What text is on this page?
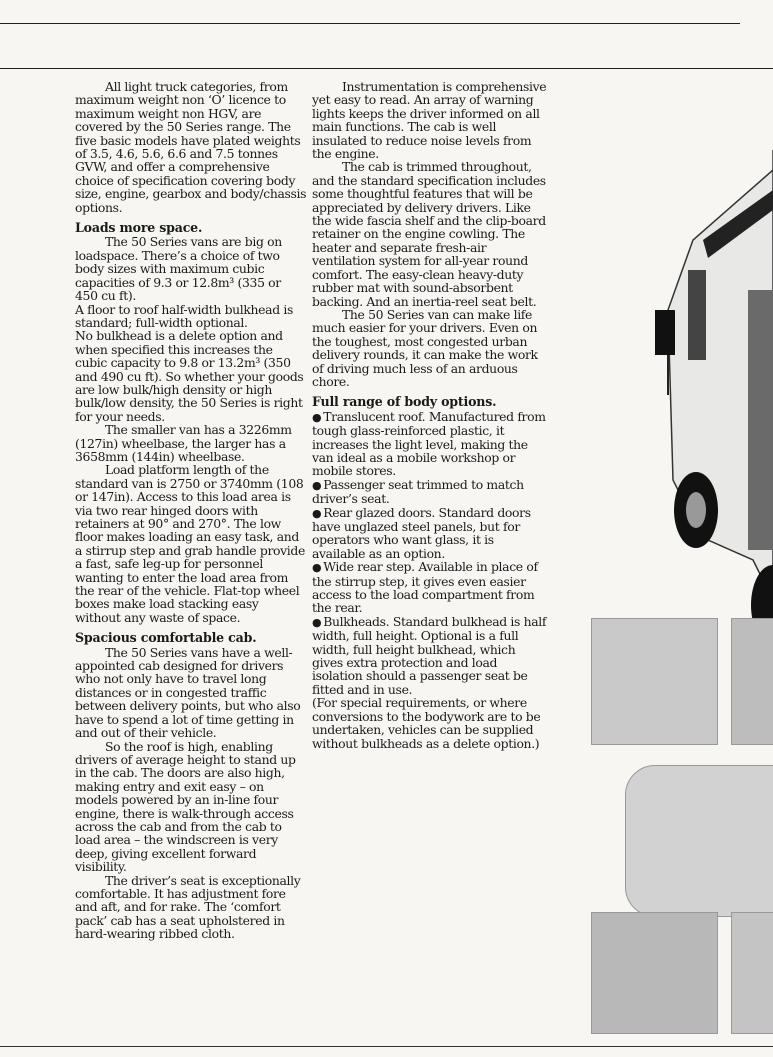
All light truck categories, from maximum weight non ‘O’ licence to maximum weight non HGV, are covered by the 50 Series range. The five basic models have plated weights of 3.5, 4.6, 5.6, 6.6 and 7.5 tonnes GVW, and offer a comprehensive choice of specification covering body size, engine, gearbox and body/chassis options.

Loads more space.

The 50 Series vans are big on loadspace. There’s a choice of two body sizes with maximum cubic capacities of 9.3 or 12.8m³ (335 or 450 cu ft).

A floor to roof half-width bulkhead is standard; full-width optional.

No bulkhead is a delete option and when specified this increases the cubic capacity to 9.8 or 13.2m³ (350 and 490 cu ft). So whether your goods are low bulk/high density or high bulk/low density, the 50 Series is right for your needs.

The smaller van has a 3226mm (127in) wheelbase, the larger has a 3658mm (144in) wheelbase.

Load platform length of the standard van is 2750 or 3740mm (108 or 147in). Access to this load area is via two rear hinged doors with retainers at 90° and 270°. The low floor makes loading an easy task, and a stirrup step and grab handle provide a fast, safe leg-up for personnel wanting to enter the load area from the rear of the vehicle. Flat-top wheel boxes make load stacking easy without any waste of space.

Spacious comfortable cab.

The 50 Series vans have a well-appointed cab designed for drivers who not only have to travel long distances or in congested traffic between delivery points, but who also have to spend a lot of time getting in and out of their vehicle.

So the roof is high, enabling drivers of average height to stand up in the cab. The doors are also high, making entry and exit easy – on models powered by an in-line four engine, there is walk-through access across the cab and from the cab to load area – the windscreen is very deep, giving excellent forward visibility.

The driver’s seat is exceptionally comfortable. It has adjustment fore and aft, and for rake. The ‘comfort pack’ cab has a seat upholstered in hard-wearing ribbed cloth.

Instrumentation is comprehensive yet easy to read. An array of warning lights keeps the driver informed on all main functions. The cab is well insulated to reduce noise levels from the engine.

The cab is trimmed throughout, and the standard specification includes some thoughtful features that will be appreciated by delivery drivers. Like the wide fascia shelf and the clip-board retainer on the engine cowling. The heater and separate fresh-air ventilation system for all-year round comfort. The easy-clean heavy-duty rubber mat with sound-absorbent backing. And an inertia-reel seat belt.

The 50 Series van can make life much easier for your drivers. Even on the toughest, most congested urban delivery rounds, it can make the work of driving much less of an arduous chore.

Full range of body options.

● Translucent roof. Manufactured from tough glass-reinforced plastic, it increases the light level, making the van ideal as a mobile workshop or mobile stores.

● Passenger seat trimmed to match driver’s seat.

● Rear glazed doors. Standard doors have unglazed steel panels, but for operators who want glass, it is available as an option.

● Wide rear step. Available in place of the stirrup step, it gives even easier access to the load compartment from the rear.

● Bulkheads. Standard bulkhead is half width, full height. Optional is a full width, full height bulkhead, which gives extra protection and load isolation should a passenger seat be fitted and in use.

(For special requirements, or where conversions to the bodywork are to be undertaken, vehicles can be supplied without bulkheads as a delete option.)
